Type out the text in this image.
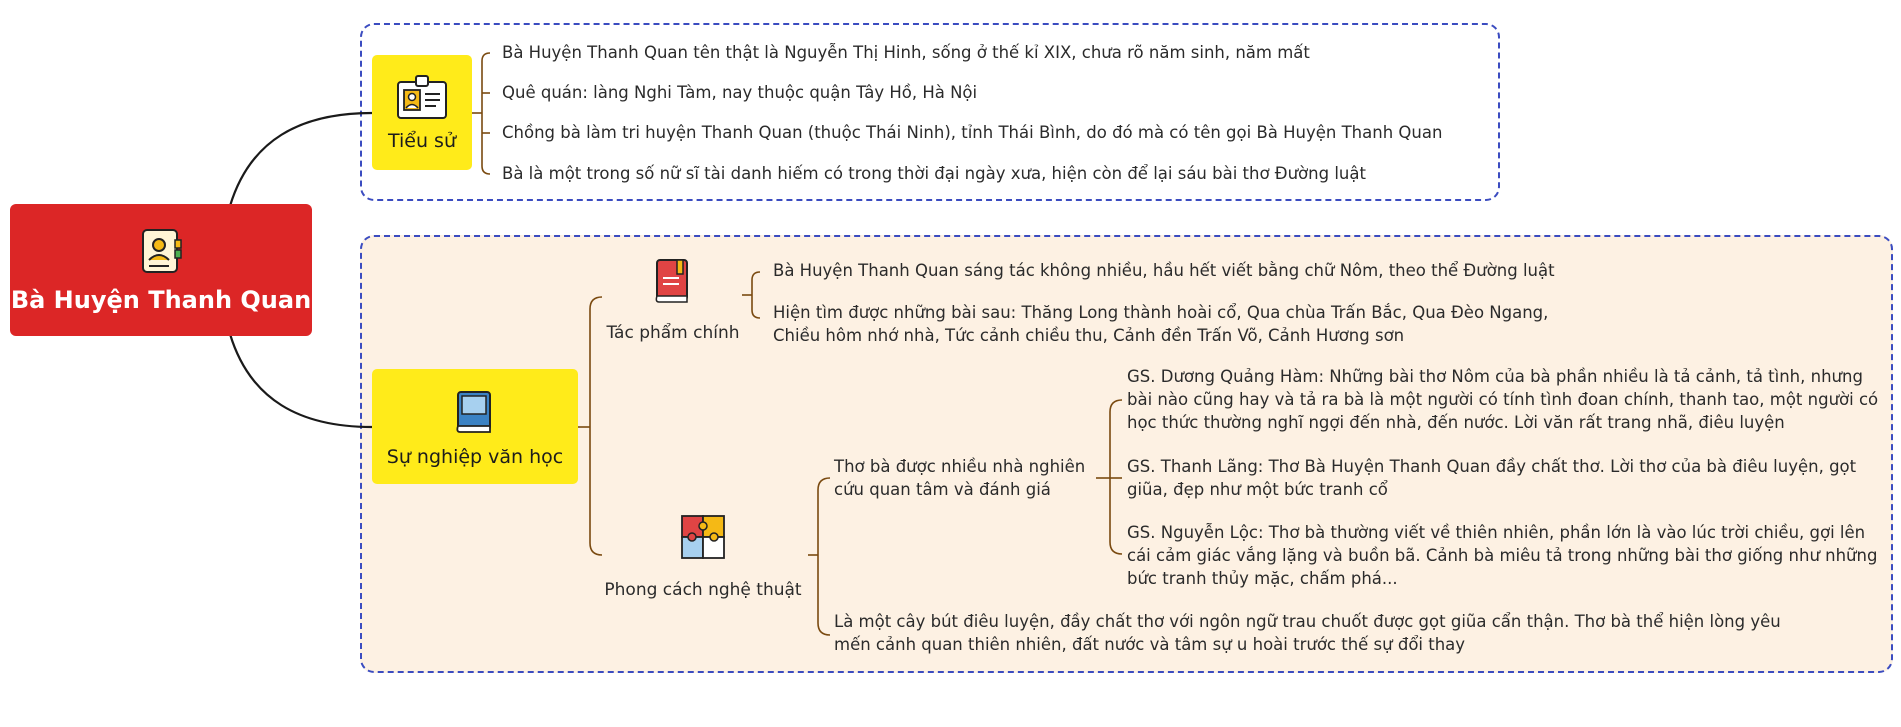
Bà Huyện Thanh Quan
Tiểu sử
Bà Huyện Thanh Quan tên thật là Nguyễn Thị Hinh, sống ở thế kỉ XIX, chưa rõ năm sinh, năm mất
Quê quán: làng Nghi Tàm, nay thuộc quận Tây Hồ, Hà Nội
Chồng bà làm tri huyện Thanh Quan (thuộc Thái Ninh), tỉnh Thái Bình, do đó mà có tên gọi Bà Huyện Thanh Quan
Bà là một trong số nữ sĩ tài danh hiếm có trong thời đại ngày xưa, hiện còn để lại sáu bài thơ Đường luật
Sự nghiệp văn học
Tác phẩm chính
Bà Huyện Thanh Quan sáng tác không nhiều, hầu hết viết bằng chữ Nôm, theo thể Đường luật
Hiện tìm được những bài sau: Thăng Long thành hoài cổ, Qua chùa Trấn Bắc, Qua Đèo Ngang, Chiều hôm nhớ nhà, Tức cảnh chiều thu, Cảnh đền Trấn Võ, Cảnh Hương sơn
Phong cách nghệ thuật
Thơ bà được nhiều nhà nghiên cứu quan tâm và đánh giá
GS. Dương Quảng Hàm: Những bài thơ Nôm của bà phần nhiều là tả cảnh, tả tình, nhưng bài nào cũng hay và tả ra bà là một người có tính tình đoan chính, thanh tao, một người có học thức thường nghĩ ngợi đến nhà, đến nước. Lời văn rất trang nhã, điêu luyện
GS. Thanh Lãng: Thơ Bà Huyện Thanh Quan đầy chất thơ. Lời thơ của bà điêu luyện, gọt giũa, đẹp như một bức tranh cổ
GS. Nguyễn Lộc: Thơ bà thường viết về thiên nhiên, phần lớn là vào lúc trời chiều, gợi lên cái cảm giác vắng lặng và buồn bã. Cảnh bà miêu tả trong những bài thơ giống như những bức tranh thủy mặc, chấm phá...
Là một cây bút điêu luyện, đầy chất thơ với ngôn ngữ trau chuốt được gọt giũa cẩn thận. Thơ bà thể hiện lòng yêu mến cảnh quan thiên nhiên, đất nước và tâm sự u hoài trước thế sự đổi thay
